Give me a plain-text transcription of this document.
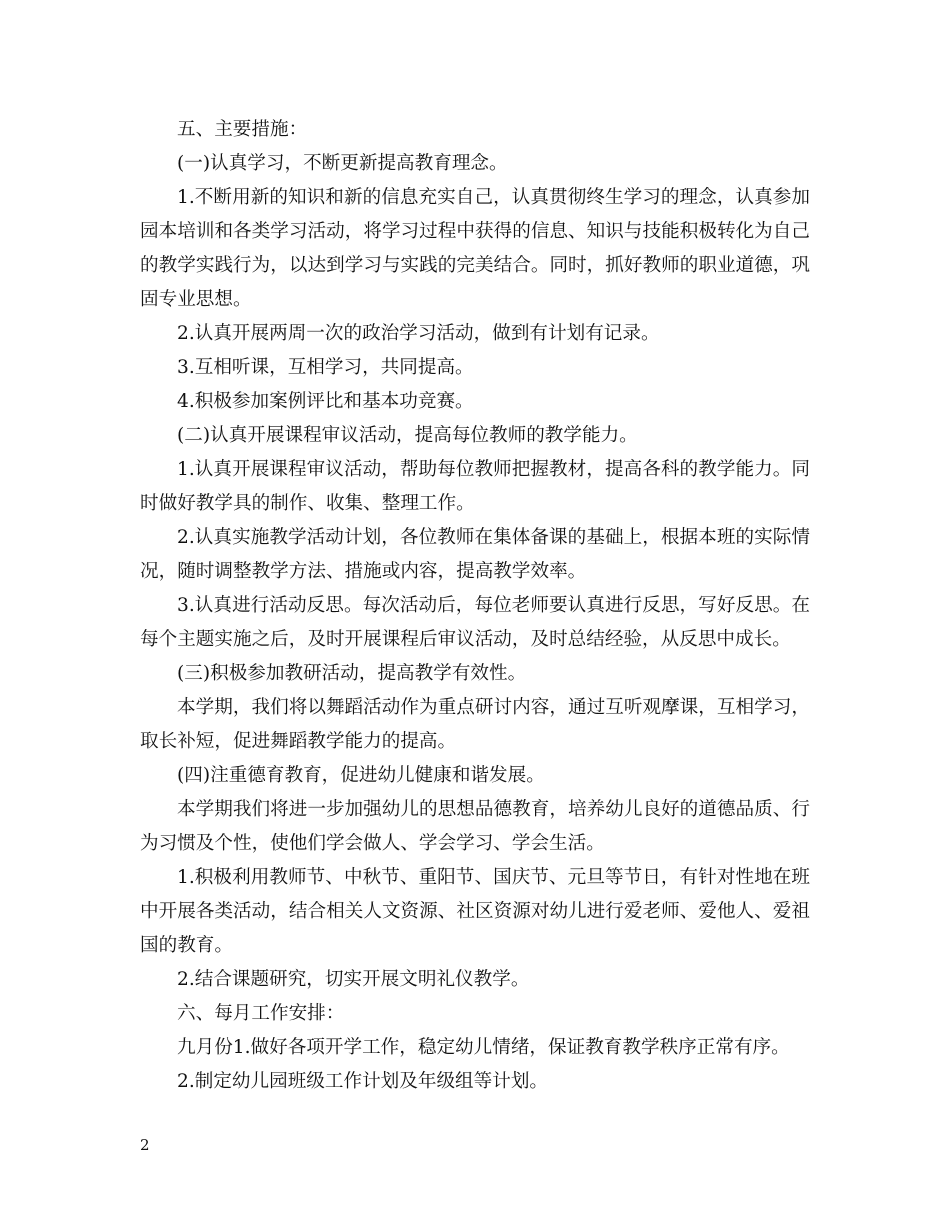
五、主要措施：

(一)认真学习，不断更新提高教育理念。

1.不断用新的知识和新的信息充实自己，认真贯彻终生学习的理念，认真参加园本培训和各类学习活动，将学习过程中获得的信息、知识与技能积极转化为自己的教学实践行为，以达到学习与实践的完美结合。同时，抓好教师的职业道德，巩固专业思想。

2.认真开展两周一次的政治学习活动，做到有计划有记录。

3.互相听课，互相学习，共同提高。

4.积极参加案例评比和基本功竞赛。

(二)认真开展课程审议活动，提高每位教师的教学能力。

1.认真开展课程审议活动，帮助每位教师把握教材，提高各科的教学能力。同时做好教学具的制作、收集、整理工作。

2.认真实施教学活动计划，各位教师在集体备课的基础上，根据本班的实际情况，随时调整教学方法、措施或内容，提高教学效率。

3.认真进行活动反思。每次活动后，每位老师要认真进行反思，写好反思。在每个主题实施之后，及时开展课程后审议活动，及时总结经验，从反思中成长。

(三)积极参加教研活动，提高教学有效性。

本学期，我们将以舞蹈活动作为重点研讨内容，通过互听观摩课，互相学习，取长补短，促进舞蹈教学能力的提高。

(四)注重德育教育，促进幼儿健康和谐发展。

本学期我们将进一步加强幼儿的思想品德教育，培养幼儿良好的道德品质、行为习惯及个性，使他们学会做人、学会学习、学会生活。

1.积极利用教师节、中秋节、重阳节、国庆节、元旦等节日，有针对性地在班中开展各类活动，结合相关人文资源、社区资源对幼儿进行爱老师、爱他人、爱祖国的教育。

2.结合课题研究，切实开展文明礼仪教学。

六、每月工作安排：

九月份1.做好各项开学工作，稳定幼儿情绪，保证教育教学秩序正常有序。

2.制定幼儿园班级工作计划及年级组等计划。

2
